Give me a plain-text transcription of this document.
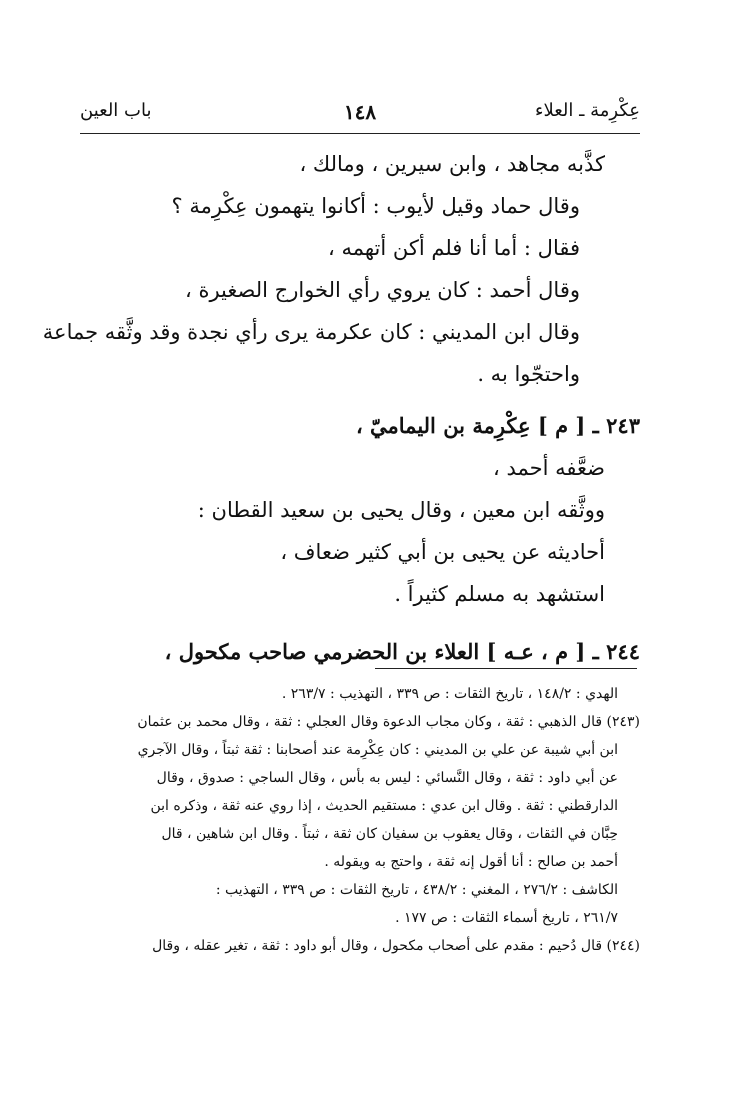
عِكْرِمة ـ العلاء
١٤٨
باب العين

كذَّبه مجاهد ، وابن سيرين ، ومالك ،

وقال حماد وقيل لأيوب : أكانوا يتهمون عِكْرِمة ؟

فقال : أما أنا فلم أكن أتهمه ،

وقال أحمد : كان يروي رأي الخوارج الصغيرة ،

وقال ابن المديني : كان عكرمة يرى رأي نجدة وقد وثَّقه جماعة

واحتجّوا به .

٢٤٣ ـ [ م ] عِكْرِمة بن اليماميّ ،

ضعَّفه أحمد ،

ووثَّقه ابن معين ، وقال يحيى بن سعيد القطان :

أحاديثه عن يحيى بن أبي كثير ضعاف ،

استشهد به مسلم كثيراً .

٢٤٤ ـ [ م ، عـه ] العلاء بن الحضرمي صاحب مكحول ،

الهدي : ١٤٨/٢ ، تاريخ الثقات : ص ٣٣٩ ، التهذيب : ٢٦٣/٧ .

(٢٤٣) قال الذهبي : ثقة ، وكان مجاب الدعوة وقال العجلي : ثقة ، وقال محمد بن عثمان

ابن أبي شيبة عن علي بن المديني : كان عِكْرِمة عند أصحابنا : ثقة ثبتاً ، وقال الآجري

عن أبي داود : ثقة ، وقال النَّسائي : ليس به بأس ، وقال الساجي : صدوق ، وقال

الدارقطني : ثقة . وقال ابن عدي : مستقيم الحديث ، إذا روي عنه ثقة ، وذكره ابن

حِبَّان في الثقات ، وقال يعقوب بن سفيان كان ثقة ، ثبتاً . وقال ابن شاهين ، قال

أحمد بن صالح : أنا أقول إنه ثقة ، واحتج به ويقوله .

الكاشف : ٢٧٦/٢ ، المغني : ٤٣٨/٢ ، تاريخ الثقات : ص ٣٣٩ ، التهذيب :

٢٦١/٧ ، تاريخ أسماء الثقات : ص ١٧٧ .

(٢٤٤) قال دُحيم : مقدم على أصحاب مكحول ، وقال أبو داود : ثقة ، تغير عقله ، وقال
